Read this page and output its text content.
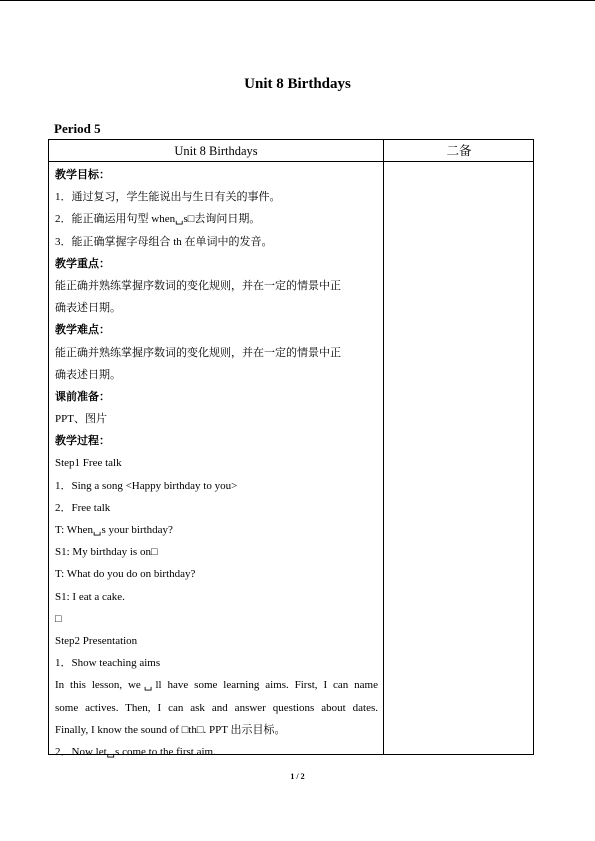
Unit 8 Birthdays
Period 5
Unit 8 Birthdays	二备
教学目标：
1．通过复习，学生能说出与生日有关的事件。
2．能正确运用句型 when␣s□去询问日期。
3．能正确掌握字母组合 th 在单词中的发音。
教学重点：
能正确并熟练掌握序数词的变化规则，并在一定的情景中正
确表述日期。
教学难点：
能正确并熟练掌握序数词的变化规则，并在一定的情景中正
确表述日期。
课前准备：
PPT、图片
教学过程：
Step1 Free talk
1．Sing a song <Happy birthday to you>
2．Free talk
T: When␣s your birthday?
S1: My birthday is on□
T: What do you do on birthday?
S1: I eat a cake.
□
Step2 Presentation
1．Show teaching aims
In this lesson, we␣ll have some learning aims. First, I can name
some actives. Then, I can ask and answer questions about dates.
Finally, I know the sound of □th□. PPT 出示目标。
2．Now let␣s come to the first aim.
1 / 2
